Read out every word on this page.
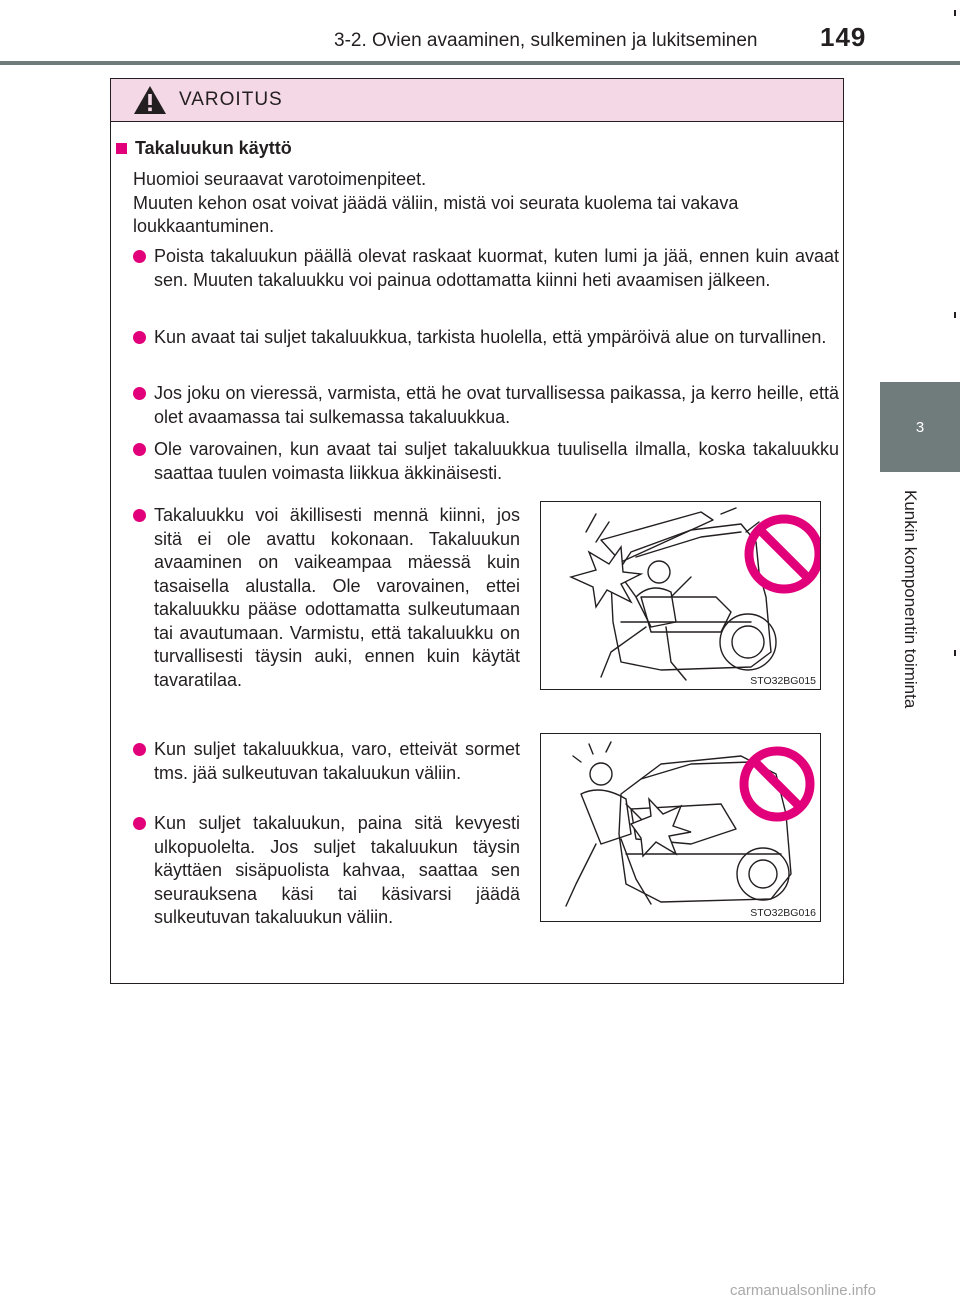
3-2. Ovien avaaminen, sulkeminen ja lukitseminen	149
3
Kunkin komponentin toiminta
VAROITUS
Takaluukun käyttö

Huomioi seuraavat varotoimenpiteet.

Muuten kehon osat voivat jäädä väliin, mistä voi seurata kuolema tai vakava loukkaantuminen.

Poista takaluukun päällä olevat raskaat kuormat, kuten lumi ja jää, ennen kuin avaat sen. Muuten takaluukku voi painua odottamatta kiinni heti avaamisen jälkeen.

Kun avaat tai suljet takaluukkua, tarkista huolella, että ympäröivä alue on turvallinen.

Jos joku on vieressä, varmista, että he ovat turvallisessa paikassa, ja kerro heille, että olet avaamassa tai sulkemassa takaluukkua.

Ole varovainen, kun avaat tai suljet takaluukkua tuulisella ilmalla, koska takaluukku saattaa tuulen voimasta liikkua äkkinäisesti.

Takaluukku voi äkillisesti mennä kiinni, jos sitä ei ole avattu kokonaan. Takaluukun avaaminen on vaikeampaa mäessä kuin tasaisella alustalla. Ole varovainen, ettei takaluukku pääse odottamatta sulkeutumaan tai avautumaan. Varmistu, että takaluukku on turvallisesti täysin auki, ennen kuin käytät tavaratilaa.

Kun suljet takaluukkua, varo, etteivät sormet tms. jää sulkeutuvan takaluukun väliin.

Kun suljet takaluukun, paina sitä kevyesti ulkopuolelta. Jos suljet takaluukun täysin käyttäen sisäpuolista kahvaa, saattaa sen seurauksena käsi tai käsivarsi jäädä sulkeutuvan takaluukun väliin.

STO32BG015
STO32BG016
carmanualsonline.info
